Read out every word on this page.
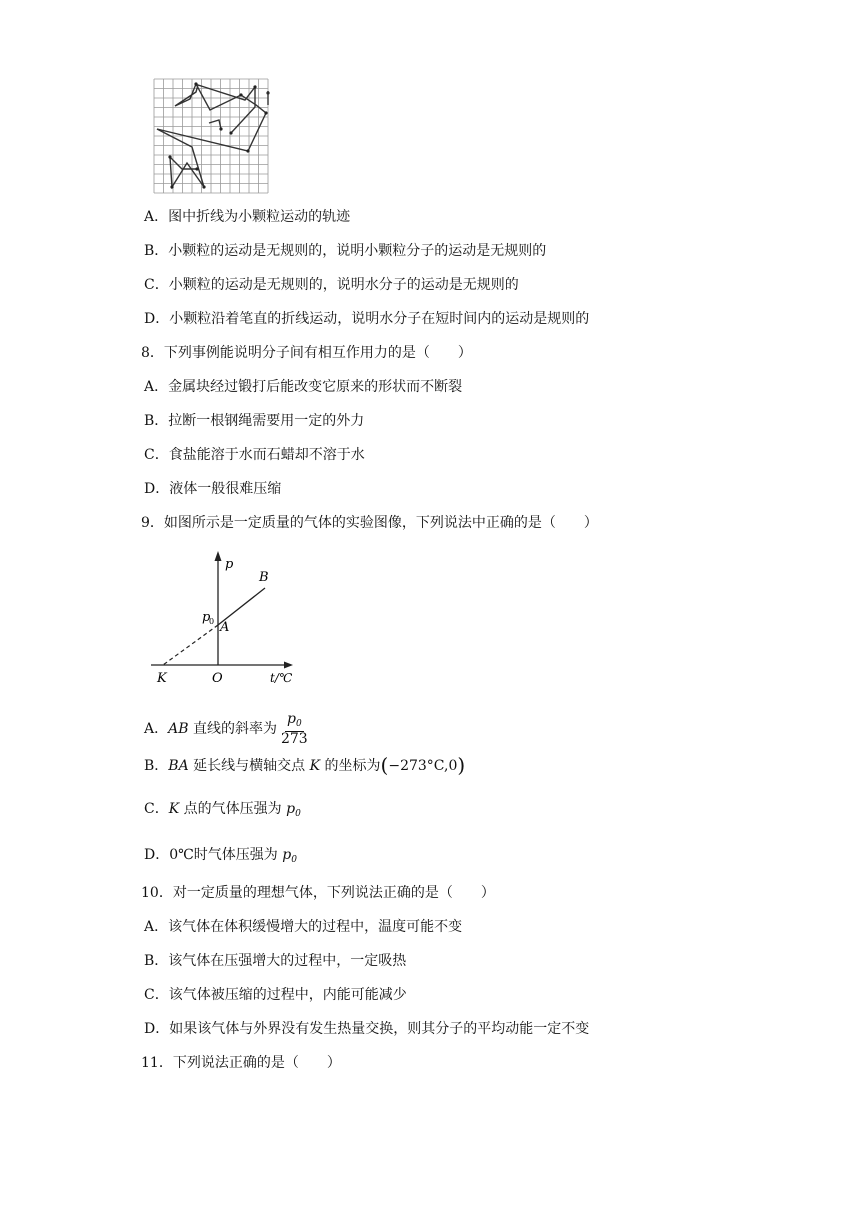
A．图中折线为小颗粒运动的轨迹
B．小颗粒的运动是无规则的，说明小颗粒分子的运动是无规则的
C．小颗粒的运动是无规则的，说明水分子的运动是无规则的
D．小颗粒沿着笔直的折线运动，说明水分子在短时间内的运动是规则的
8．下列事例能说明分子间有相互作用力的是（　　）
A．金属块经过锻打后能改变它原来的形状而不断裂
B．拉断一根钢绳需要用一定的外力
C．食盐能溶于水而石蜡却不溶于水
D．液体一般很难压缩
9．如图所示是一定质量的气体的实验图像，下列说法中正确的是（　　）
p
B
p
0 A
K	O	t/℃
A．AB 直线的斜率为 $\frac{p_0}{273}$
B．BA 延长线与横轴交点 K 的坐标为(−273°C,0)
C．K 点的气体压强为 $p_0$
D．0℃时气体压强为 $p_0$
10．对一定质量的理想气体，下列说法正确的是（　　）
A．该气体在体积缓慢增大的过程中，温度可能不变
B．该气体在压强增大的过程中，一定吸热
C．该气体被压缩的过程中，内能可能减少
D．如果该气体与外界没有发生热量交换，则其分子的平均动能一定不变
11．下列说法正确的是（　　）
